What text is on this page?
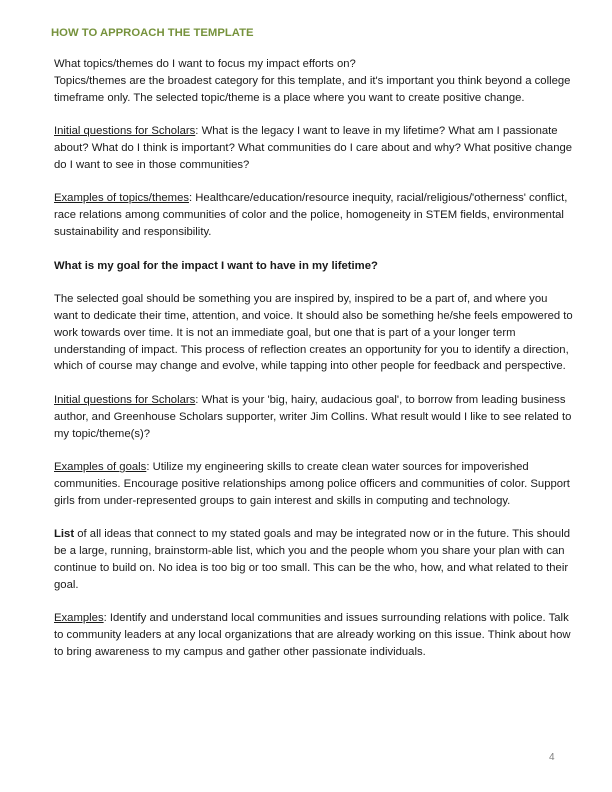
HOW TO APPROACH THE TEMPLATE

What topics/themes do I want to focus my impact efforts on?
Topics/themes are the broadest category for this template, and it's important you think beyond a college timeframe only. The selected topic/theme is a place where you want to create positive change.

Initial questions for Scholars: What is the legacy I want to leave in my lifetime? What am I passionate about? What do I think is important? What communities do I care about and why? What positive change do I want to see in those communities?

Examples of topics/themes: Healthcare/education/resource inequity, racial/religious/'otherness' conflict, race relations among communities of color and the police, homogeneity in STEM fields, environmental sustainability and responsibility.

What is my goal for the impact I want to have in my lifetime?

The selected goal should be something you are inspired by, inspired to be a part of, and where you want to dedicate their time, attention, and voice. It should also be something he/she feels empowered to work towards over time. It is not an immediate goal, but one that is part of a your longer term understanding of impact. This process of reflection creates an opportunity for you to identify a direction, which of course may change and evolve, while tapping into other people for feedback and perspective.

Initial questions for Scholars: What is your 'big, hairy, audacious goal', to borrow from leading business author, and Greenhouse Scholars supporter, writer Jim Collins. What result would I like to see related to my topic/theme(s)?

Examples of goals: Utilize my engineering skills to create clean water sources for impoverished communities. Encourage positive relationships among police officers and communities of color. Support girls from under-represented groups to gain interest and skills in computing and technology.

List of all ideas that connect to my stated goals and may be integrated now or in the future. This should be a large, running, brainstorm-able list, which you and the people whom you share your plan with can continue to build on. No idea is too big or too small. This can be the who, how, and what related to their goal.

Examples: Identify and understand local communities and issues surrounding relations with police. Talk to community leaders at any local organizations that are already working on this issue. Think about how to bring awareness to my campus and gather other passionate individuals.

4
